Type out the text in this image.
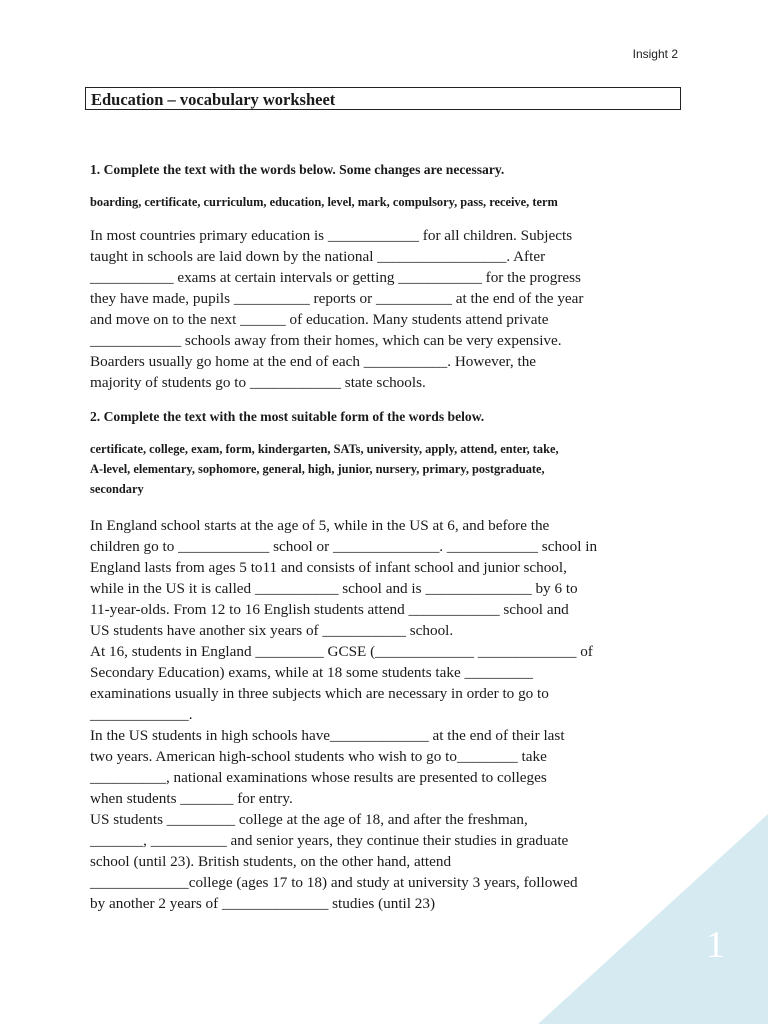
Insight 2
Education – vocabulary worksheet

1. Complete the text with the words below. Some changes are necessary.

boarding, certificate, curriculum, education, level, mark, compulsory, pass, receive, term

In most countries primary education is ____________ for all children. Subjects
taught in schools are laid down by the national _________________. After
___________ exams at certain intervals or getting ___________ for the progress
they have made, pupils __________ reports or __________ at the end of the year
and move on to the next ______ of education. Many students attend private
____________ schools away from their homes, which can be very expensive.
Boarders usually go home at the end of each ___________. However, the
majority of students go to ____________ state schools.

2. Complete the text with the most suitable form of the words below.

certificate, college, exam, form, kindergarten, SATs, university, apply, attend, enter, take,
A-level, elementary, sophomore, general, high, junior, nursery, primary, postgraduate,
secondary

In England school starts at the age of 5, while in the US at 6, and before the
children go to ____________ school or ______________. ____________ school in
England lasts from ages 5 to11 and consists of infant school and junior school,
while in the US it is called ___________ school and is ______________ by 6 to
11-year-olds. From 12 to 16 English students attend ____________ school and
US students have another six years of ___________ school.
At 16, students in England _________ GCSE (_____________ _____________ of
Secondary Education) exams, while at 18 some students take _________
examinations usually in three subjects which are necessary in order to go to
_____________.
In the US students in high schools have_____________ at the end of their last
two years. American high-school students who wish to go to________ take
__________, national examinations whose results are presented to colleges
when students _______ for entry.
US students _________ college at the age of 18, and after the freshman,
_______, __________ and senior years, they continue their studies in graduate
school (until 23). British students, on the other hand, attend
_____________college (ages 17 to 18) and study at university 3 years, followed
by another 2 years of ______________ studies (until 23)

1
